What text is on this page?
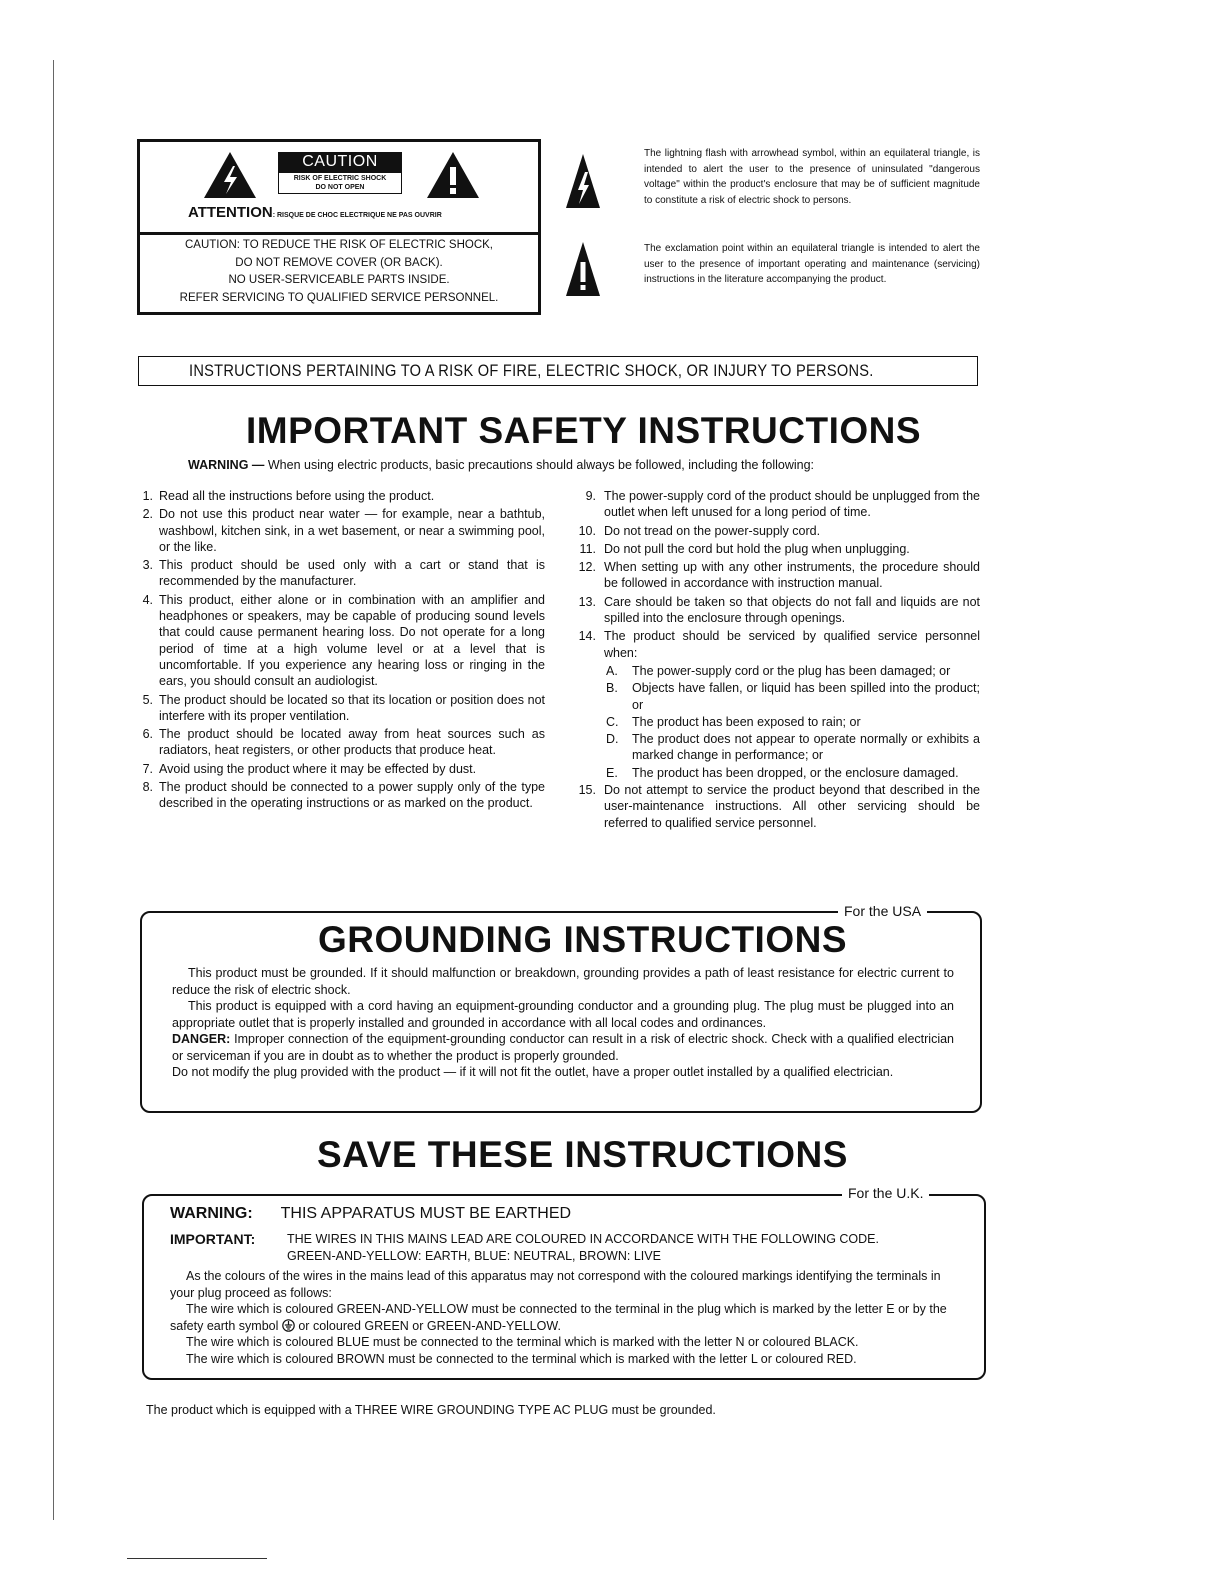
CAUTION
RISK OF ELECTRIC SHOCK
DO NOT OPEN
ATTENTION: RISQUE DE CHOC ELECTRIQUE NE PAS OUVRIR
CAUTION: TO REDUCE THE RISK OF ELECTRIC SHOCK,
DO NOT REMOVE COVER (OR BACK).
NO USER-SERVICEABLE PARTS INSIDE.
REFER SERVICING TO QUALIFIED SERVICE PERSONNEL.
The lightning flash with arrowhead symbol, within an equilateral triangle, is intended to alert the user to the presence of uninsulated "dangerous voltage" within the product's enclosure that may be of sufficient magnitude to constitute a risk of electric shock to persons.
The exclamation point within an equilateral triangle is intended to alert the user to the presence of important operating and maintenance (servicing) instructions in the literature accompanying the product.
INSTRUCTIONS PERTAINING TO A RISK OF FIRE, ELECTRIC SHOCK, OR INJURY TO PERSONS.
IMPORTANT SAFETY INSTRUCTIONS
WARNING — When using electric products, basic precautions should always be followed, including the following:
1. Read all the instructions before using the product.
2. Do not use this product near water — for example, near a bathtub, washbowl, kitchen sink, in a wet basement, or near a swimming pool, or the like.
3. This product should be used only with a cart or stand that is recommended by the manufacturer.
4. This product, either alone or in combination with an amplifier and headphones or speakers, may be capable of producing sound levels that could cause permanent hearing loss. Do not operate for a long period of time at a high volume level or at a level that is uncomfortable. If you experience any hearing loss or ringing in the ears, you should consult an audiologist.
5. The product should be located so that its location or position does not interfere with its proper ventilation.
6. The product should be located away from heat sources such as radiators, heat registers, or other products that produce heat.
7. Avoid using the product where it may be effected by dust.
8. The product should be connected to a power supply only of the type described in the operating instructions or as marked on the product.
9. The power-supply cord of the product should be unplugged from the outlet when left unused for a long period of time.
10. Do not tread on the power-supply cord.
11. Do not pull the cord but hold the plug when unplugging.
12. When setting up with any other instruments, the procedure should be followed in accordance with instruction manual.
13. Care should be taken so that objects do not fall and liquids are not spilled into the enclosure through openings.
14. The product should be serviced by qualified service personnel when:
A. The power-supply cord or the plug has been damaged; or
B. Objects have fallen, or liquid has been spilled into the product; or
C. The product has been exposed to rain; or
D. The product does not appear to operate normally or exhibits a marked change in performance; or
E. The product has been dropped, or the enclosure damaged.
15. Do not attempt to service the product beyond that described in the user-maintenance instructions. All other servicing should be referred to qualified service personnel.
For the USA
GROUNDING INSTRUCTIONS
This product must be grounded. If it should malfunction or breakdown, grounding provides a path of least resistance for electric current to reduce the risk of electric shock.
This product is equipped with a cord having an equipment-grounding conductor and a grounding plug. The plug must be plugged into an appropriate outlet that is properly installed and grounded in accordance with all local codes and ordinances.
DANGER: Improper connection of the equipment-grounding conductor can result in a risk of electric shock. Check with a qualified electrician or serviceman if you are in doubt as to whether the product is properly grounded.
Do not modify the plug provided with the product — if it will not fit the outlet, have a proper outlet installed by a qualified electrician.
SAVE THESE INSTRUCTIONS
For the U.K.
WARNING: THIS APPARATUS MUST BE EARTHED
IMPORTANT:	THE WIRES IN THIS MAINS LEAD ARE COLOURED IN ACCORDANCE WITH THE FOLLOWING CODE.
GREEN-AND-YELLOW: EARTH, BLUE: NEUTRAL, BROWN: LIVE
As the colours of the wires in the mains lead of this apparatus may not correspond with the coloured markings identifying the terminals in your plug proceed as follows:
The wire which is coloured GREEN-AND-YELLOW must be connected to the terminal in the plug which is marked by the letter E or by the safety earth symbol or coloured GREEN or GREEN-AND-YELLOW.
The wire which is coloured BLUE must be connected to the terminal which is marked with the letter N or coloured BLACK.
The wire which is coloured BROWN must be connected to the terminal which is marked with the letter L or coloured RED.
The product which is equipped with a THREE WIRE GROUNDING TYPE AC PLUG must be grounded.
